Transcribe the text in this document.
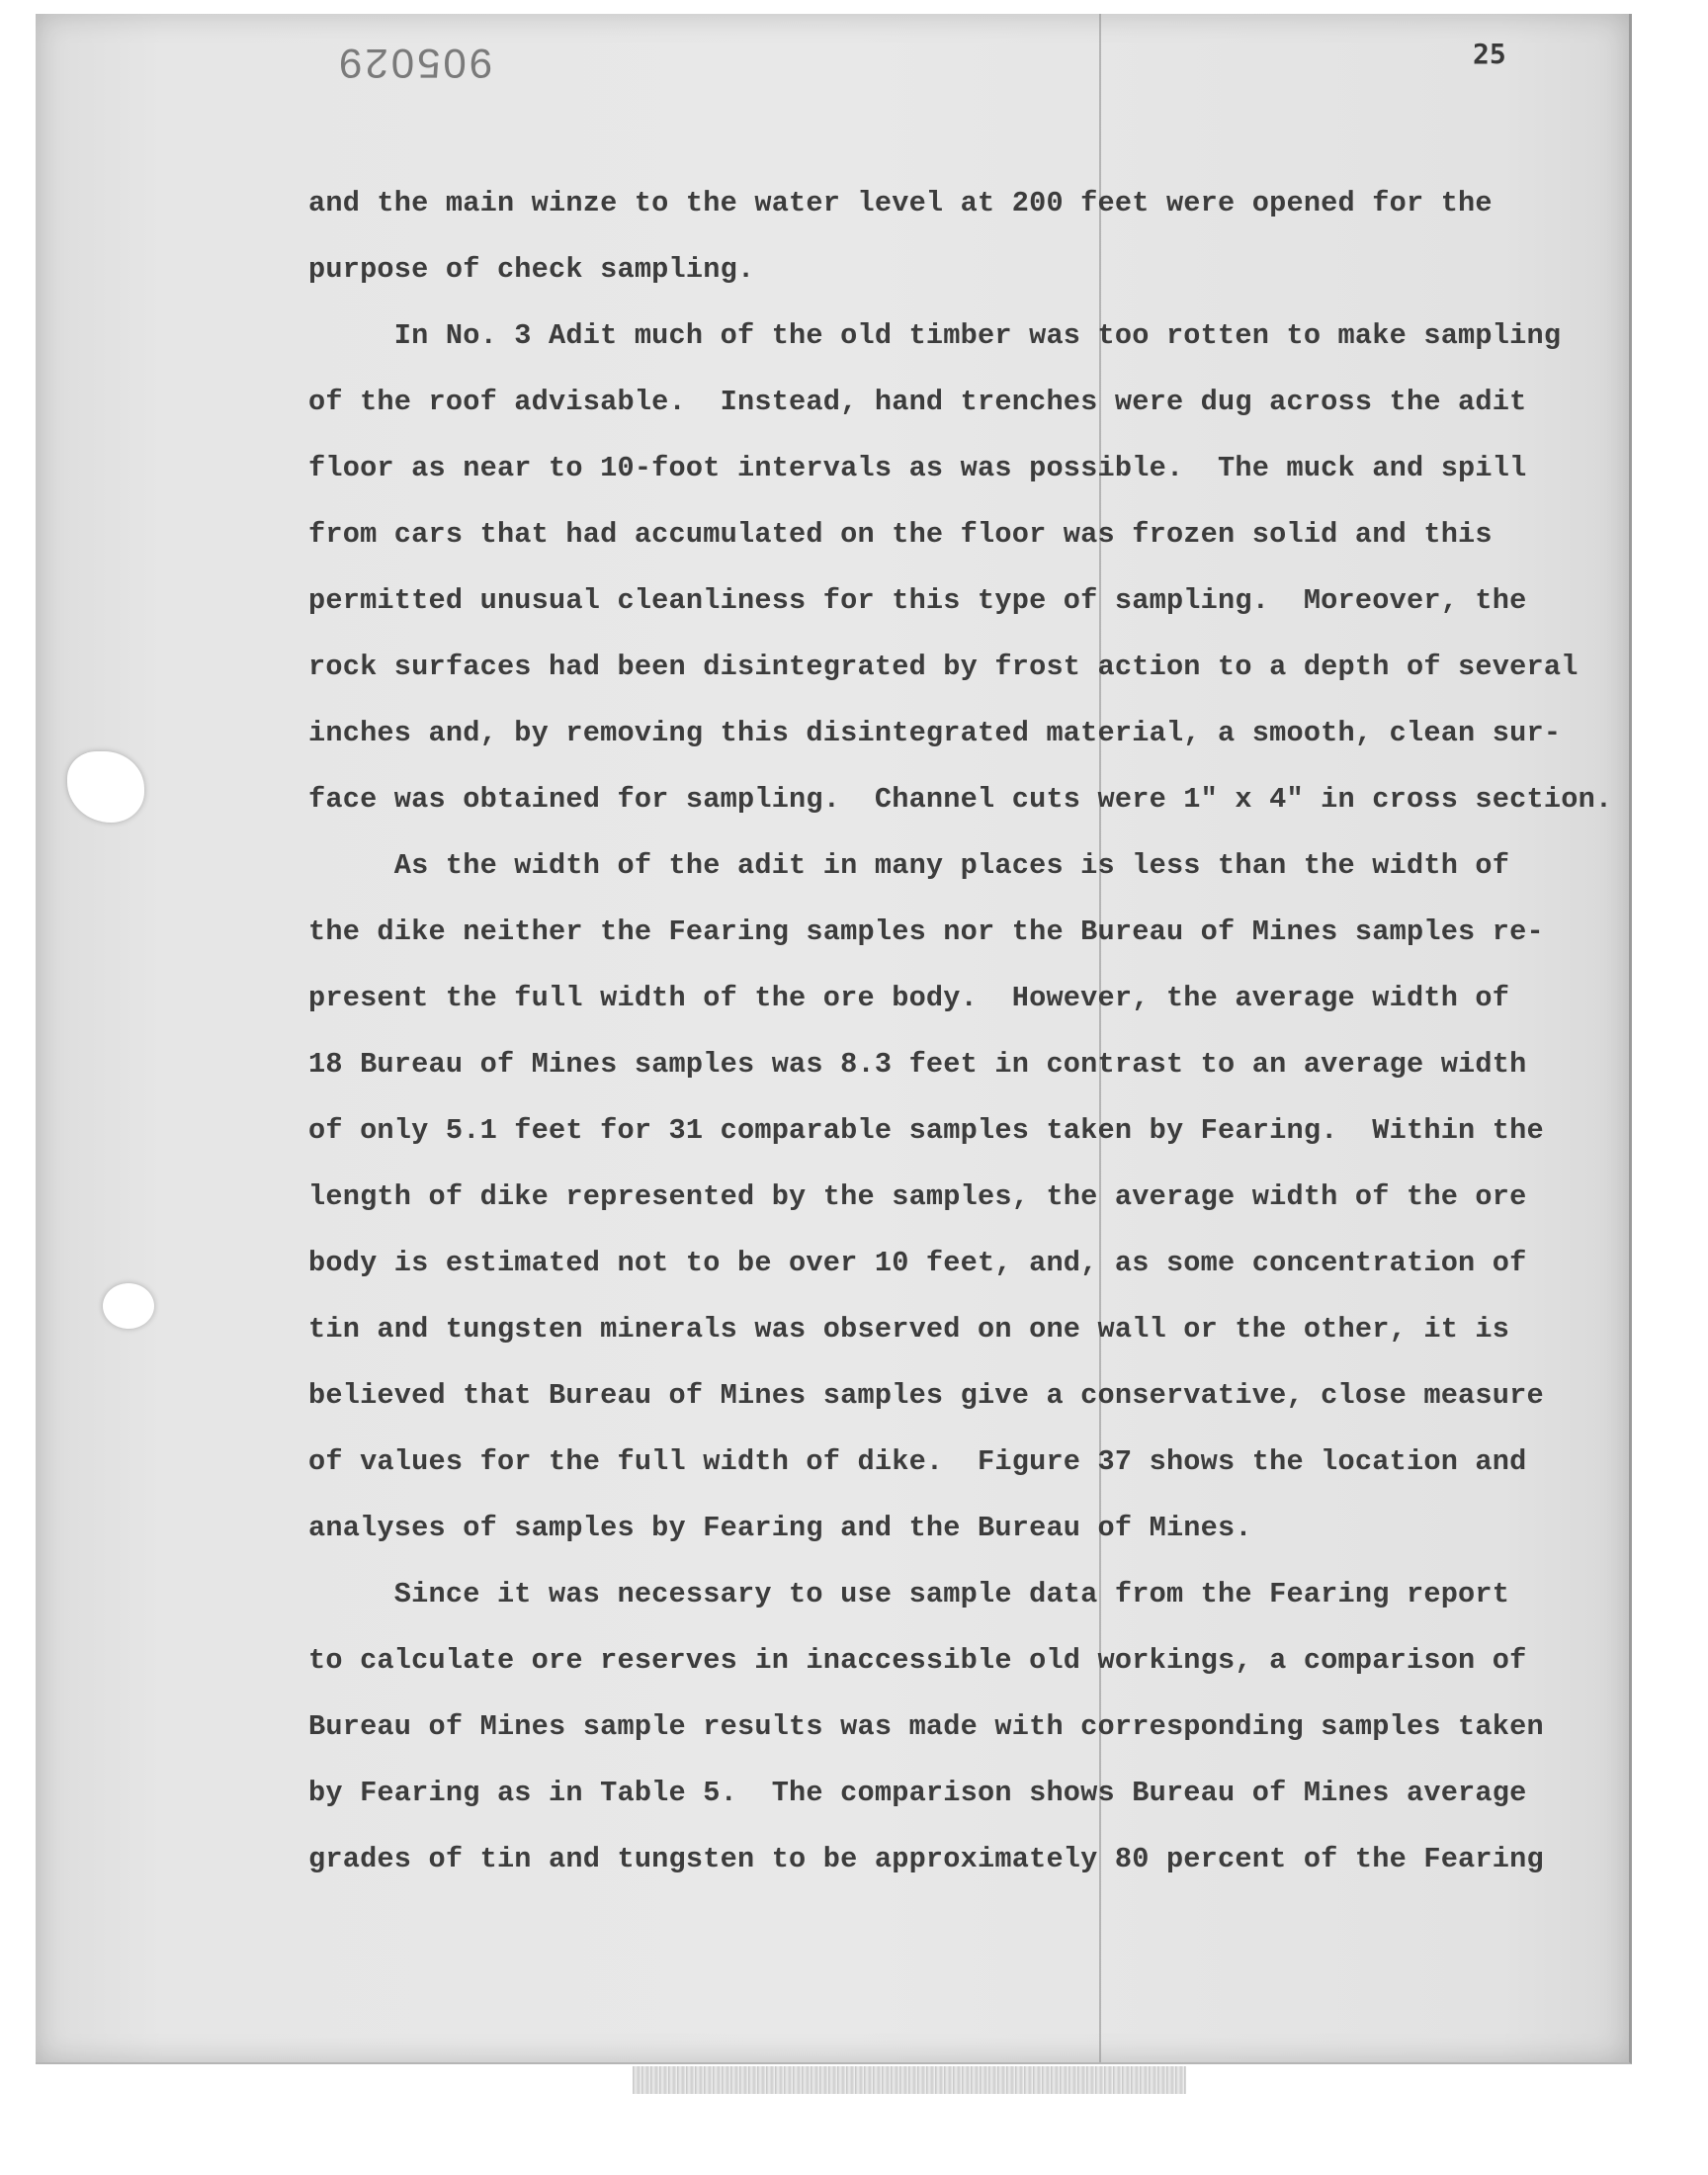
905029	25
and the main winze to the water level at 200 feet were opened for the
purpose of check sampling.
In No. 3 Adit much of the old timber was too rotten to make sampling
of the roof advisable.  Instead, hand trenches were dug across the adit
floor as near to 10-foot intervals as was possible.  The muck and spill
from cars that had accumulated on the floor was frozen solid and this
permitted unusual cleanliness for this type of sampling.  Moreover, the
rock surfaces had been disintegrated by frost action to a depth of several
inches and, by removing this disintegrated material, a smooth, clean sur-
face was obtained for sampling.  Channel cuts were 1" x 4" in cross section.
As the width of the adit in many places is less than the width of
the dike neither the Fearing samples nor the Bureau of Mines samples re-
present the full width of the ore body.  However, the average width of
18 Bureau of Mines samples was 8.3 feet in contrast to an average width
of only 5.1 feet for 31 comparable samples taken by Fearing.  Within the
length of dike represented by the samples, the average width of the ore
body is estimated not to be over 10 feet, and, as some concentration of
tin and tungsten minerals was observed on one wall or the other, it is
believed that Bureau of Mines samples give a conservative, close measure
of values for the full width of dike.  Figure 37 shows the location and
analyses of samples by Fearing and the Bureau of Mines.
Since it was necessary to use sample data from the Fearing report
to calculate ore reserves in inaccessible old workings, a comparison of
Bureau of Mines sample results was made with corresponding samples taken
by Fearing as in Table 5.  The comparison shows Bureau of Mines average
grades of tin and tungsten to be approximately 80 percent of the Fearing
